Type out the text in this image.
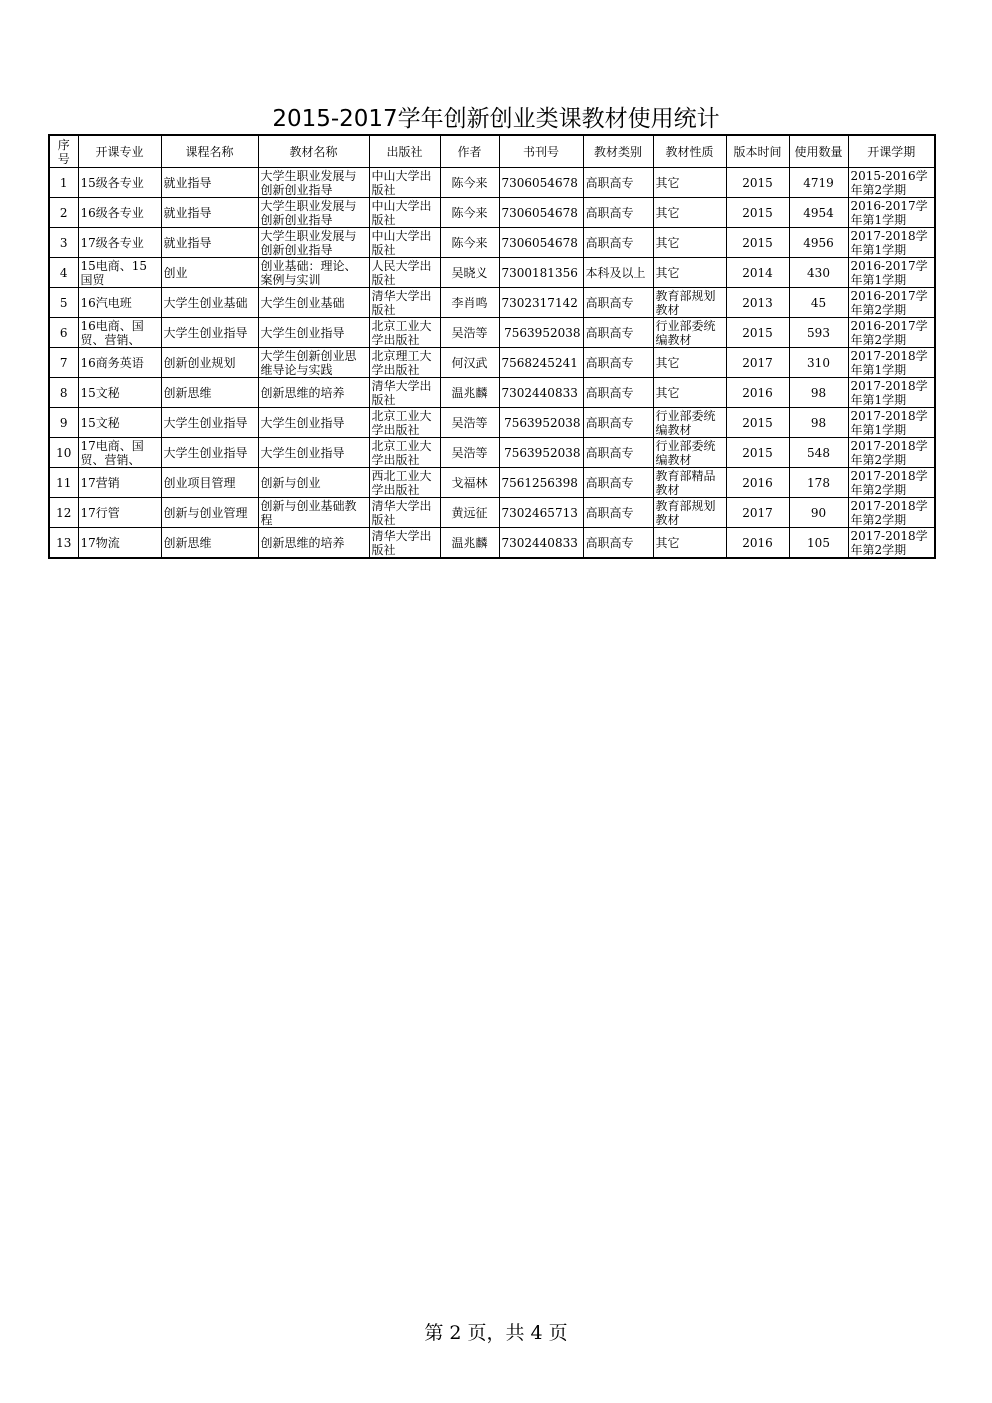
2015-2017学年创新创业类课教材使用统计
序号	开课专业	课程名称	教材名称	出版社	作者	书刊号	教材类别	教材性质	版本时间	使用数量	开课学期

1	15级各专业	就业指导	大学生职业发展与创新创业指导	中山大学出版社	陈今来	7306054678	高职高专	其它	2015	4719	2015-2016学年第2学期

2	16级各专业	就业指导	大学生职业发展与创新创业指导	中山大学出版社	陈今来	7306054678	高职高专	其它	2015	4954	2016-2017学年第1学期

3	17级各专业	就业指导	大学生职业发展与创新创业指导	中山大学出版社	陈今来	7306054678	高职高专	其它	2015	4956	2017-2018学年第1学期

4	15电商、15国贸	创业	创业基础：理论、案例与实训	人民大学出版社	吴晓义	7300181356	本科及以上	其它	2014	430	2016-2017学年第1学期

5	16汽电班	大学生创业基础	大学生创业基础	清华大学出版社	李肖鸣	7302317142	高职高专	教育部规划教材	2013	45	2016-2017学年第2学期

6	16电商、国贸、营销、	大学生创业指导	大学生创业指导	北京工业大学出版社	吴浩等	7563952038	高职高专	行业部委统编教材	2015	593	2016-2017学年第2学期

7	16商务英语	创新创业规划	大学生创新创业思维导论与实践	北京理工大学出版社	何汉武	7568245241	高职高专	其它	2017	310	2017-2018学年第1学期

8	15文秘	创新思维	创新思维的培养	清华大学出版社	温兆麟	7302440833	高职高专	其它	2016	98	2017-2018学年第1学期

9	15文秘	大学生创业指导	大学生创业指导	北京工业大学出版社	吴浩等	7563952038	高职高专	行业部委统编教材	2015	98	2017-2018学年第1学期

10	17电商、国贸、营销、	大学生创业指导	大学生创业指导	北京工业大学出版社	吴浩等	7563952038	高职高专	行业部委统编教材	2015	548	2017-2018学年第2学期

11	17营销	创业项目管理	创新与创业	西北工业大学出版社	戈福林	7561256398	高职高专	教育部精品教材	2016	178	2017-2018学年第2学期

12	17行管	创新与创业管理	创新与创业基础教程	清华大学出版社	黄远征	7302465713	高职高专	教育部规划教材	2017	90	2017-2018学年第2学期

13	17物流	创新思维	创新思维的培养	清华大学出版社	温兆麟	7302440833	高职高专	其它	2016	105	2017-2018学年第2学期
第 2 页，共 4 页
